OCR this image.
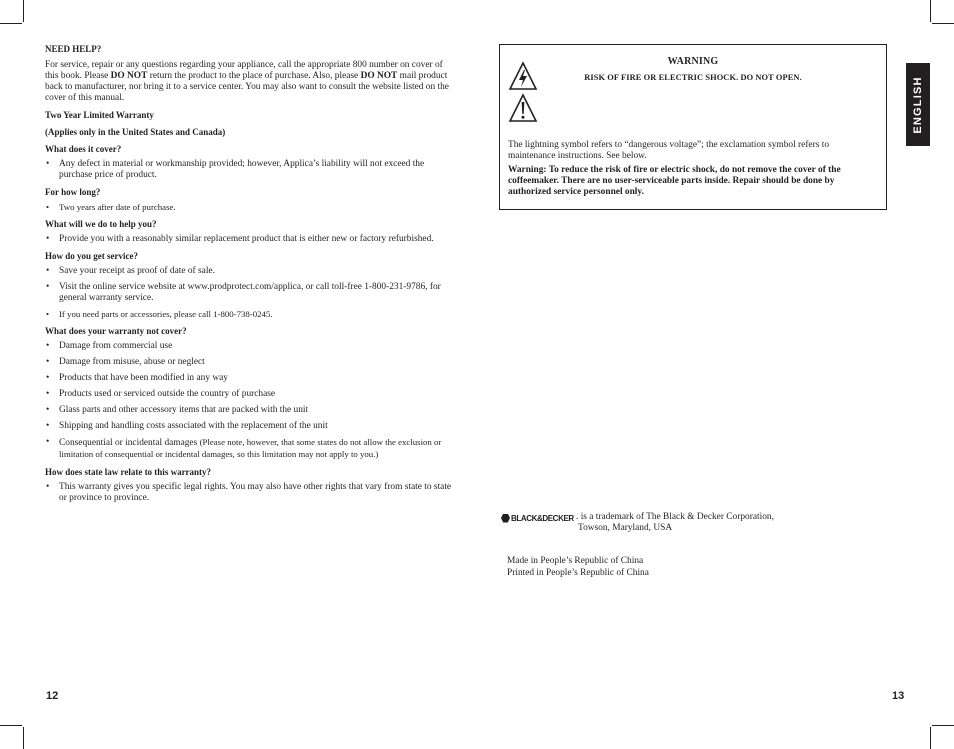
NEED HELP?

For service, repair or any questions regarding your appliance, call the appropriate 800 number on cover of this book. Please DO NOT return the product to the place of purchase. Also, please DO NOT mail product back to manufacturer, nor bring it to a service center. You may also want to consult the website listed on the cover of this manual.

Two Year Limited Warranty

(Applies only in the United States and Canada)

What does it cover?

• Any defect in material or workmanship provided; however, Applica’s liability will not exceed the purchase price of product.

For how long?

• Two years after date of purchase.

What will we do to help you?

• Provide you with a reasonably similar replacement product that is either new or factory refurbished.

How do you get service?

• Save your receipt as proof of date of sale.
• Visit the online service website at www.prodprotect.com/applica, or call toll-free 1-800-231-9786, for general warranty service.
• If you need parts or accessories, please call 1-800-738-0245.

What does your warranty not cover?

• Damage from commercial use
• Damage from misuse, abuse or neglect
• Products that have been modified in any way
• Products used or serviced outside the country of purchase
• Glass parts and other accessory items that are packed with the unit
• Shipping and handling costs associated with the replacement of the unit
• Consequential or incidental damages (Please note, however, that some states do not allow the exclusion or limitation of consequential or incidental damages, so this limitation may not apply to you.)

How does state law relate to this warranty?

• This warranty gives you specific legal rights. You may also have other rights that vary from state to state or province to province.
WARNING
RISK OF FIRE OR ELECTRIC SHOCK. DO NOT OPEN.

The lightning symbol refers to “dangerous voltage”; the exclamation symbol refers to maintenance instructions. See below.

Warning: To reduce the risk of fire or electric shock, do not remove the cover of the coffeemaker. There are no user-serviceable parts inside. Repair should be done by authorized service personnel only.

ENGLISH
BLACK&DECKER . is a trademark of The Black & Decker Corporation,
Towson, Maryland, USA

Made in People’s Republic of China

Printed in People’s Republic of China

12	13
